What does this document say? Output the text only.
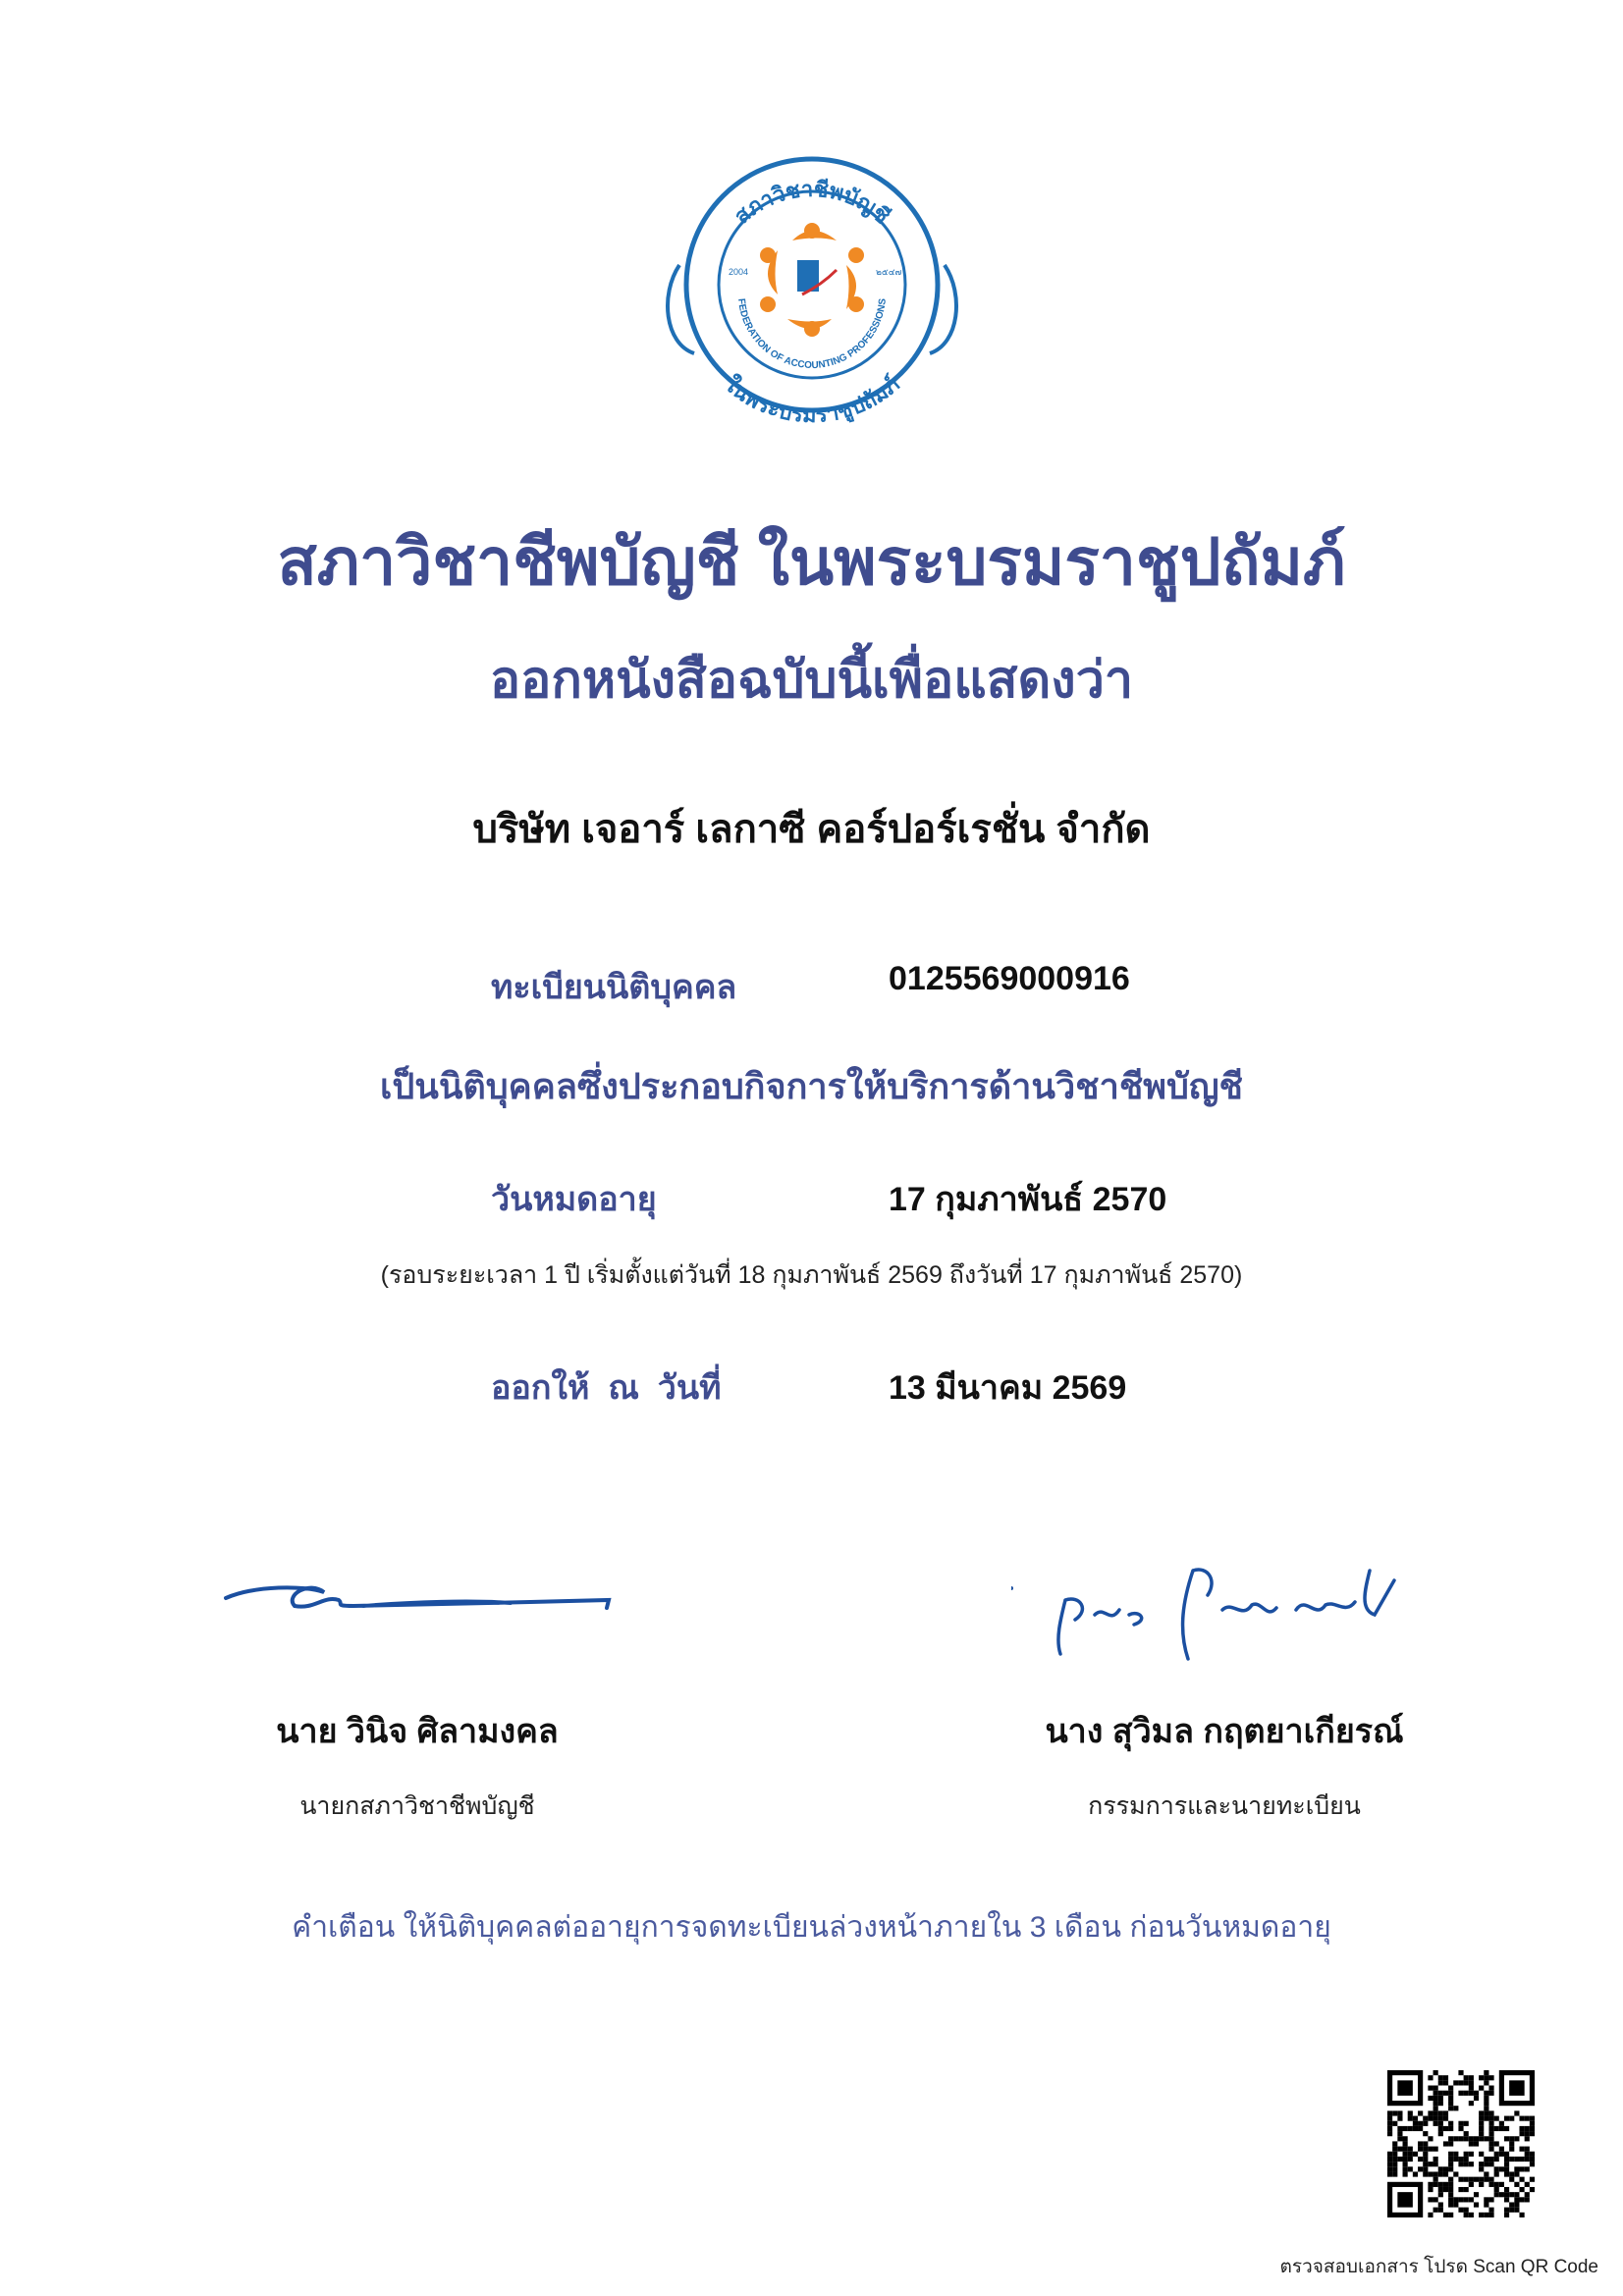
สภาวิชาชีพบัญชี
ในพระบรมราชูปถัมภ์
FEDERATION OF ACCOUNTING PROFESSIONS
2004	๒๕๔๗
สภาวิชาชีพบัญชี ในพระบรมราชูปถัมภ์
ออกหนังสือฉบับนี้เพื่อแสดงว่า
บริษัท เจอาร์ เลกาซี คอร์ปอร์เรชั่น จำกัด
ทะเบียนนิติบุคคล	0125569000916
เป็นนิติบุคคลซึ่งประกอบกิจการให้บริการด้านวิชาชีพบัญชี
วันหมดอายุ	17 กุมภาพันธ์ 2570
(รอบระยะเวลา 1 ปี เริ่มตั้งแต่วันที่ 18 กุมภาพันธ์ 2569 ถึงวันที่ 17 กุมภาพันธ์ 2570)
ออกให้  ณ  วันที่	13 มีนาคม 2569
นาย วินิจ ศิลามงคล
นายกสภาวิชาชีพบัญชี
นาง สุวิมล กฤตยาเกียรณ์
กรรมการและนายทะเบียน
คำเตือน ให้นิติบุคคลต่ออายุการจดทะเบียนล่วงหน้าภายใน 3 เดือน ก่อนวันหมดอายุ
ตรวจสอบเอกสาร โปรด Scan QR Code
